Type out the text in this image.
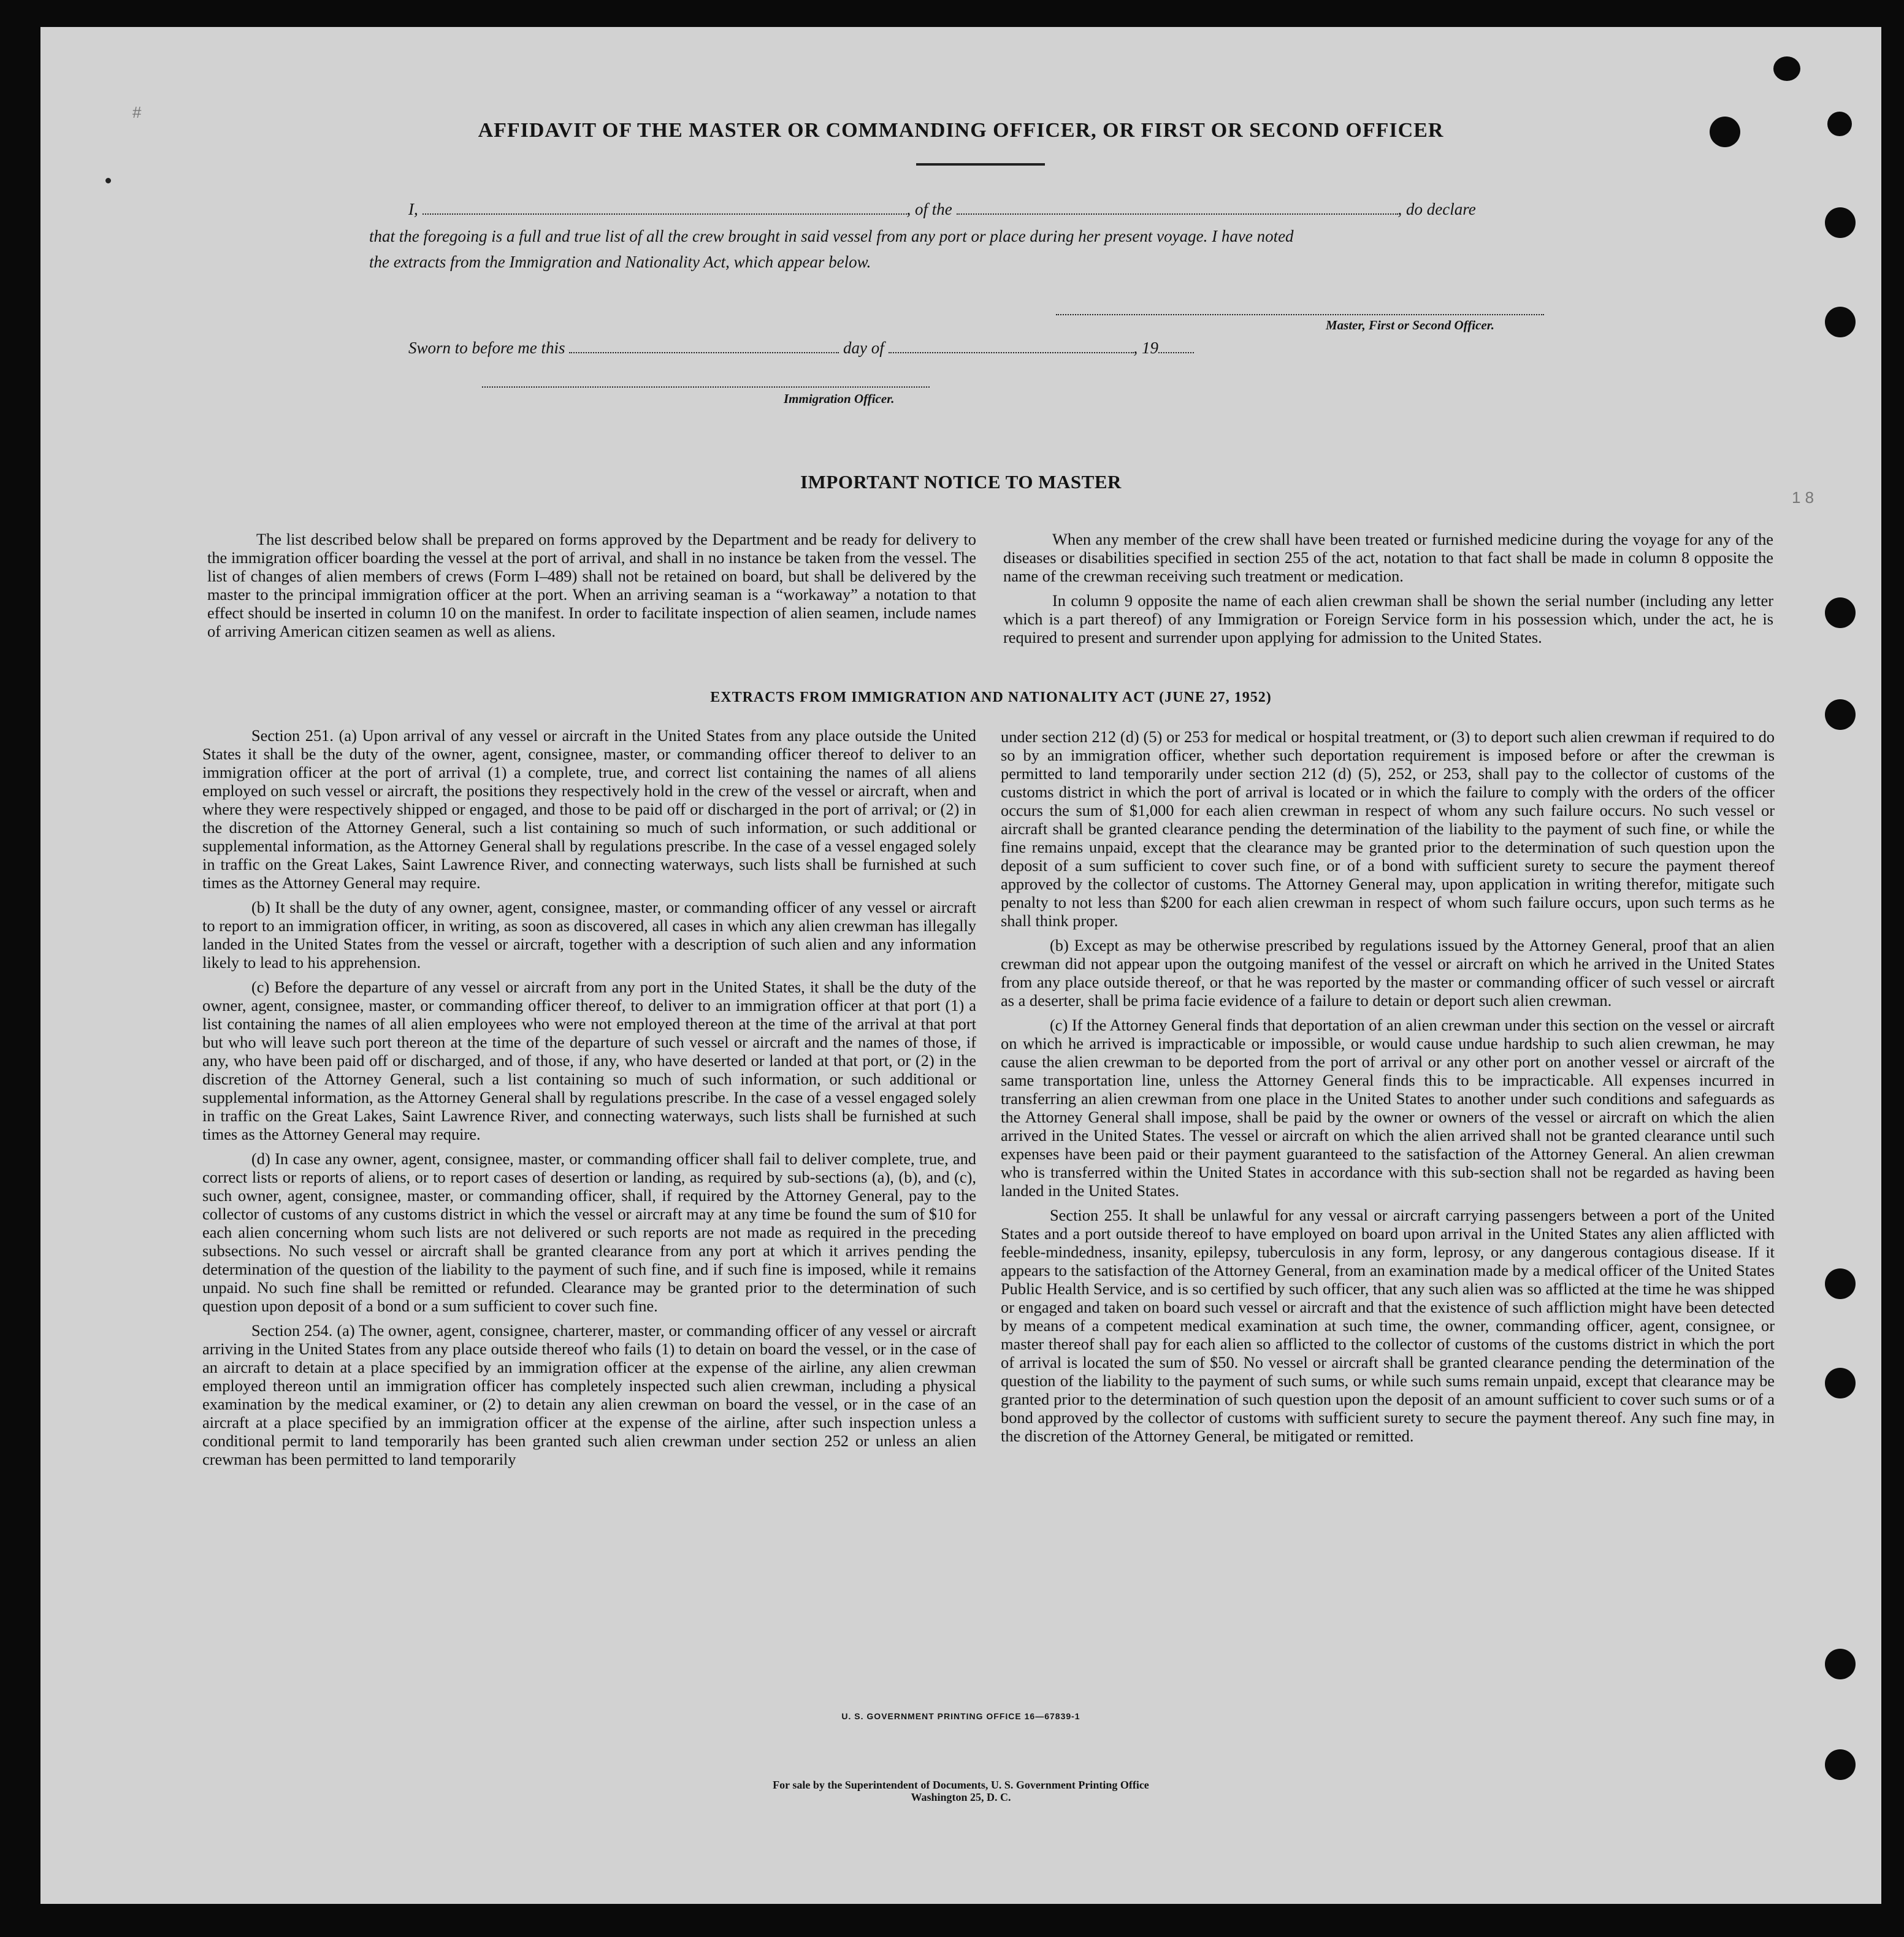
#
1 8
AFFIDAVIT OF THE MASTER OR COMMANDING OFFICER, OR FIRST OR SECOND OFFICER
I,	, of the	, do declare
that the foregoing is a full and true list of all the crew brought in said vessel from any port or place during her present voyage. I have noted
the extracts from the Immigration and Nationality Act, which appear below.
Master, First or Second Officer.
Sworn to before me this	day of	, 19
Immigration Officer.
IMPORTANT NOTICE TO MASTER

The list described below shall be prepared on forms approved by the Department and be ready for delivery to the immigration officer boarding the vessel at the port of arrival, and shall in no instance be taken from the vessel. The list of changes of alien members of crews (Form I–489) shall not be retained on board, but shall be delivered by the master to the principal immigration officer at the port. When an arriving seaman is a “workaway” a notation to that effect should be inserted in column 10 on the manifest. In order to facilitate inspection of alien seamen, include names of arriving American citizen seamen as well as aliens.

When any member of the crew shall have been treated or furnished medicine during the voyage for any of the diseases or disabilities specified in section 255 of the act, notation to that fact shall be made in column 8 opposite the name of the crewman receiving such treatment or medication.

In column 9 opposite the name of each alien crewman shall be shown the serial number (including any letter which is a part thereof) of any Immigration or Foreign Service form in his possession which, under the act, he is required to present and surrender upon applying for admission to the United States.

EXTRACTS FROM IMMIGRATION AND NATIONALITY ACT (JUNE 27, 1952)

Section 251. (a) Upon arrival of any vessel or aircraft in the United States from any place outside the United States it shall be the duty of the owner, agent, consignee, master, or commanding officer thereof to deliver to an immigration officer at the port of arrival (1) a complete, true, and correct list containing the names of all aliens employed on such vessel or aircraft, the positions they respectively hold in the crew of the vessel or aircraft, when and where they were respectively shipped or engaged, and those to be paid off or discharged in the port of arrival; or (2) in the discretion of the Attorney General, such a list containing so much of such information, or such additional or supplemental information, as the Attorney General shall by regulations prescribe. In the case of a vessel engaged solely in traffic on the Great Lakes, Saint Lawrence River, and connecting waterways, such lists shall be furnished at such times as the Attorney General may require.

(b) It shall be the duty of any owner, agent, consignee, master, or commanding officer of any vessel or aircraft to report to an immigration officer, in writing, as soon as discovered, all cases in which any alien crewman has illegally landed in the United States from the vessel or aircraft, together with a description of such alien and any information likely to lead to his apprehension.

(c) Before the departure of any vessel or aircraft from any port in the United States, it shall be the duty of the owner, agent, consignee, master, or commanding officer thereof, to deliver to an immigration officer at that port (1) a list containing the names of all alien employees who were not employed thereon at the time of the arrival at that port but who will leave such port thereon at the time of the departure of such vessel or aircraft and the names of those, if any, who have been paid off or discharged, and of those, if any, who have deserted or landed at that port, or (2) in the discretion of the Attorney General, such a list containing so much of such information, or such additional or supplemental information, as the Attorney General shall by regulations prescribe. In the case of a vessel engaged solely in traffic on the Great Lakes, Saint Lawrence River, and connecting waterways, such lists shall be furnished at such times as the Attorney General may require.

(d) In case any owner, agent, consignee, master, or commanding officer shall fail to deliver complete, true, and correct lists or reports of aliens, or to report cases of desertion or landing, as required by sub-sections (a), (b), and (c), such owner, agent, consignee, master, or commanding officer, shall, if required by the Attorney General, pay to the collector of customs of any customs district in which the vessel or aircraft may at any time be found the sum of $10 for each alien concerning whom such lists are not delivered or such reports are not made as required in the preceding subsections. No such vessel or aircraft shall be granted clearance from any port at which it arrives pending the determination of the question of the liability to the payment of such fine, and if such fine is imposed, while it remains unpaid. No such fine shall be remitted or refunded. Clearance may be granted prior to the determination of such question upon deposit of a bond or a sum sufficient to cover such fine.

Section 254. (a) The owner, agent, consignee, charterer, master, or commanding officer of any vessel or aircraft arriving in the United States from any place outside thereof who fails (1) to detain on board the vessel, or in the case of an aircraft to detain at a place specified by an immigration officer at the expense of the airline, any alien crewman employed thereon until an immigration officer has completely inspected such alien crewman, including a physical examination by the medical examiner, or (2) to detain any alien crewman on board the vessel, or in the case of an aircraft at a place specified by an immigration officer at the expense of the airline, after such inspection unless a conditional permit to land temporarily has been granted such alien crewman under section 252 or unless an alien crewman has been permitted to land temporarily

under section 212 (d) (5) or 253 for medical or hospital treatment, or (3) to deport such alien crewman if required to do so by an immigration officer, whether such deportation requirement is imposed before or after the crewman is permitted to land temporarily under section 212 (d) (5), 252, or 253, shall pay to the collector of customs of the customs district in which the port of arrival is located or in which the failure to comply with the orders of the officer occurs the sum of $1,000 for each alien crewman in respect of whom any such failure occurs. No such vessel or aircraft shall be granted clearance pending the determination of the liability to the payment of such fine, or while the fine remains unpaid, except that the clearance may be granted prior to the determination of such question upon the deposit of a sum sufficient to cover such fine, or of a bond with sufficient surety to secure the payment thereof approved by the collector of customs. The Attorney General may, upon application in writing therefor, mitigate such penalty to not less than $200 for each alien crewman in respect of whom such failure occurs, upon such terms as he shall think proper.

(b) Except as may be otherwise prescribed by regulations issued by the Attorney General, proof that an alien crewman did not appear upon the outgoing manifest of the vessel or aircraft on which he arrived in the United States from any place outside thereof, or that he was reported by the master or commanding officer of such vessel or aircraft as a deserter, shall be prima facie evidence of a failure to detain or deport such alien crewman.

(c) If the Attorney General finds that deportation of an alien crewman under this section on the vessel or aircraft on which he arrived is impracticable or impossible, or would cause undue hardship to such alien crewman, he may cause the alien crewman to be deported from the port of arrival or any other port on another vessel or aircraft of the same transportation line, unless the Attorney General finds this to be impracticable. All expenses incurred in transferring an alien crewman from one place in the United States to another under such conditions and safeguards as the Attorney General shall impose, shall be paid by the owner or owners of the vessel or aircraft on which the alien arrived in the United States. The vessel or aircraft on which the alien arrived shall not be granted clearance until such expenses have been paid or their payment guaranteed to the satisfaction of the Attorney General. An alien crewman who is transferred within the United States in accordance with this sub-section shall not be regarded as having been landed in the United States.

Section 255. It shall be unlawful for any vessal or aircraft carrying passengers between a port of the United States and a port outside thereof to have employed on board upon arrival in the United States any alien afflicted with feeble-mindedness, insanity, epilepsy, tuberculosis in any form, leprosy, or any dangerous contagious disease. If it appears to the satisfaction of the Attorney General, from an examination made by a medical officer of the United States Public Health Service, and is so certified by such officer, that any such alien was so afflicted at the time he was shipped or engaged and taken on board such vessel or aircraft and that the existence of such affliction might have been detected by means of a competent medical examination at such time, the owner, commanding officer, agent, consignee, or master thereof shall pay for each alien so afflicted to the collector of customs of the customs district in which the port of arrival is located the sum of $50. No vessel or aircraft shall be granted clearance pending the determination of the question of the liability to the payment of such sums, or while such sums remain unpaid, except that clearance may be granted prior to the determination of such question upon the deposit of an amount sufficient to cover such sums or of a bond approved by the collector of customs with sufficient surety to secure the payment thereof. Any such fine may, in the discretion of the Attorney General, be mitigated or remitted.

U. S. GOVERNMENT PRINTING OFFICE 16—67839-1
For sale by the Superintendent of Documents, U. S. Government Printing Office
Washington 25, D. C.
